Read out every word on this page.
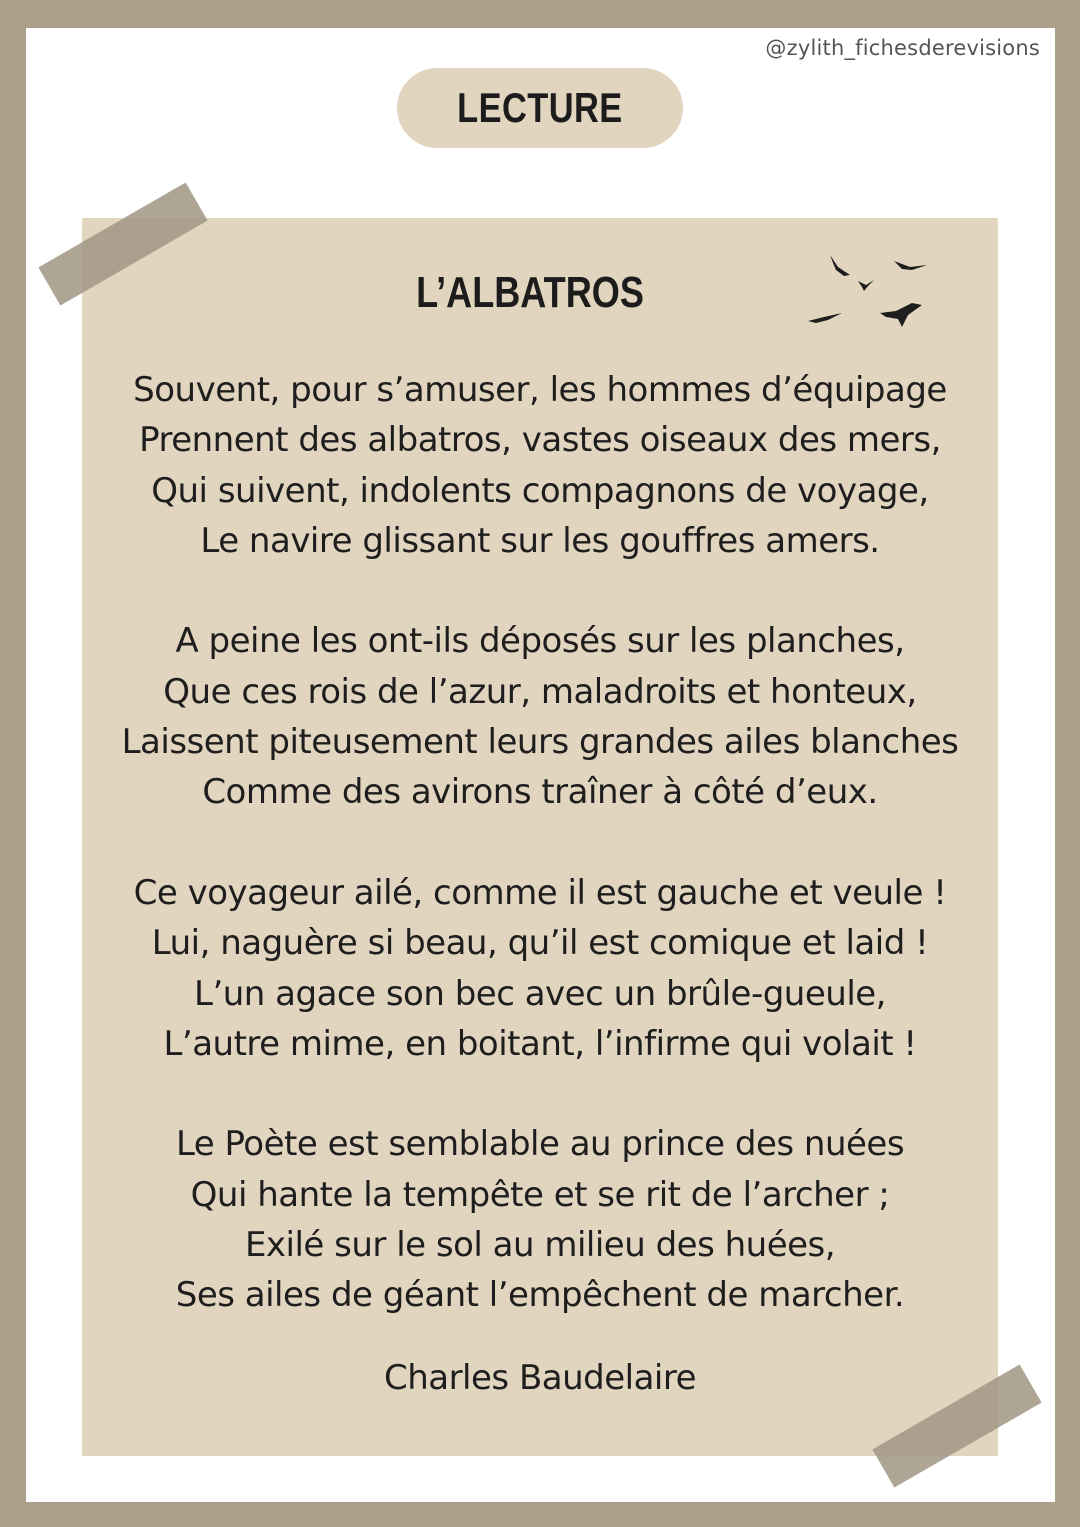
@zylith_fichesderevisions
LECTURE
L’ALBATROS
Souvent, pour s’amuser, les hommes d’équipage
Prennent des albatros, vastes oiseaux des mers,
Qui suivent, indolents compagnons de voyage,
Le navire glissant sur les gouffres amers.
A peine les ont-ils déposés sur les planches,
Que ces rois de l’azur, maladroits et honteux,
Laissent piteusement leurs grandes ailes blanches
Comme des avirons traîner à côté d’eux.
Ce voyageur ailé, comme il est gauche et veule !
Lui, naguère si beau, qu’il est comique et laid !
L’un agace son bec avec un brûle-gueule,
L’autre mime, en boitant, l’infirme qui volait !
Le Poète est semblable au prince des nuées
Qui hante la tempête et se rit de l’archer ;
Exilé sur le sol au milieu des huées,
Ses ailes de géant l’empêchent de marcher.
Charles Baudelaire
